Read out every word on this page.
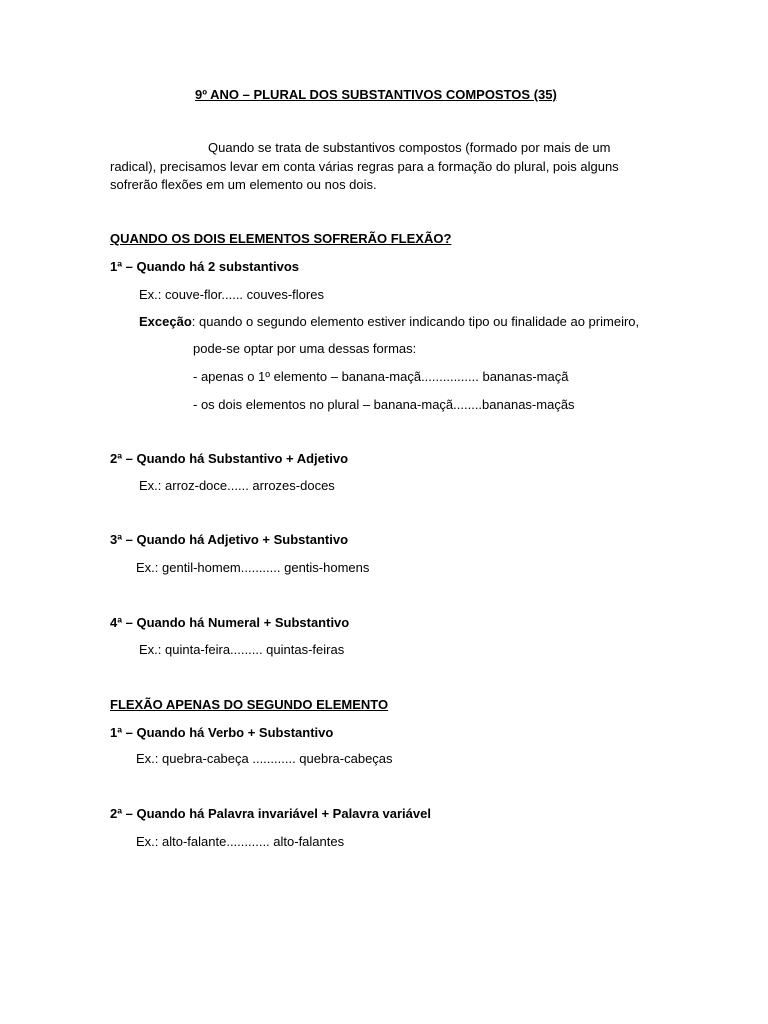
9º ANO – PLURAL DOS SUBSTANTIVOS COMPOSTOS (35)
Quando se trata de substantivos compostos (formado por mais de um radical), precisamos levar em conta várias regras para a formação do plural, pois alguns sofrerão flexões em um elemento ou nos dois.
QUANDO OS DOIS ELEMENTOS SOFRERÃO FLEXÃO?
1ª – Quando há 2 substantivos
Ex.: couve-flor...... couves-flores
Exceção: quando o segundo elemento estiver indicando tipo ou finalidade ao primeiro,
pode-se optar por uma dessas formas:
- apenas o 1º elemento – banana-maçã................ bananas-maçã
- os dois elementos no plural – banana-maçã........bananas-maçãs
2ª – Quando há Substantivo + Adjetivo
Ex.: arroz-doce...... arrozes-doces
3ª – Quando há Adjetivo + Substantivo
Ex.: gentil-homem........... gentis-homens
4ª – Quando há Numeral + Substantivo
Ex.: quinta-feira......... quintas-feiras
FLEXÃO APENAS DO SEGUNDO ELEMENTO
1ª – Quando há Verbo + Substantivo
Ex.: quebra-cabeça ............ quebra-cabeças
2ª – Quando há Palavra invariável + Palavra variável
Ex.: alto-falante............ alto-falantes
